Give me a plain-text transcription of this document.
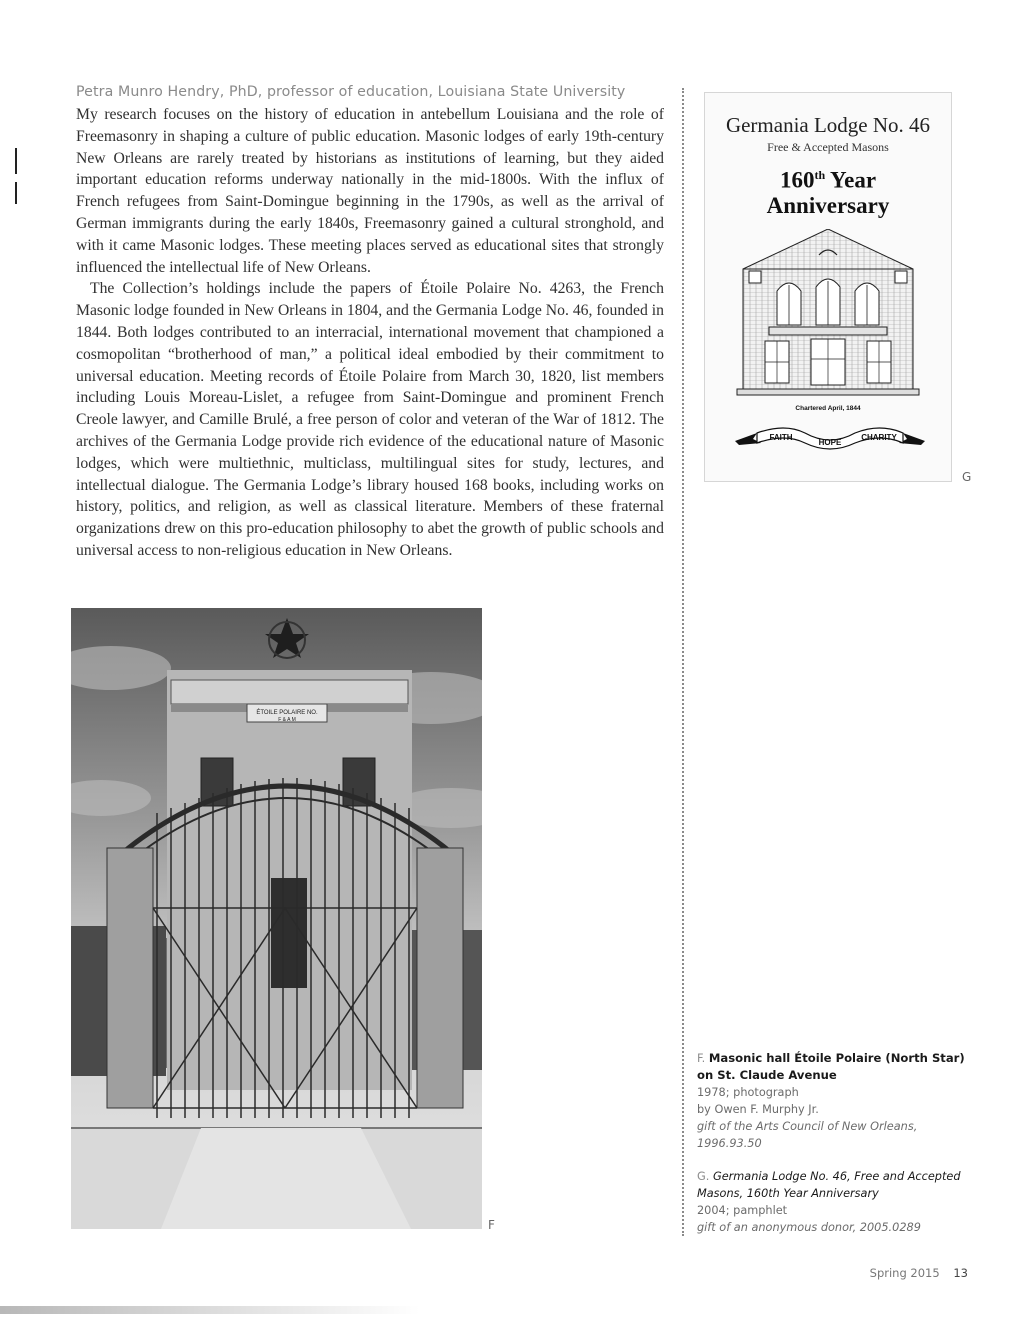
Petra Munro Hendry, PhD, professor of education, Louisiana State University

My research focuses on the history of education in antebellum Louisiana and the role of Freemasonry in shaping a culture of public education. Masonic lodges of early 19th-century New Orleans are rarely treated by historians as institutions of learning, but they aided important education reforms underway nationally in the mid-1800s. With the influx of French refugees from Saint-Domingue beginning in the 1790s, as well as the arrival of German immigrants during the early 1840s, Freemasonry gained a cultural stronghold, and with it came Masonic lodges. These meeting places served as educational sites that strongly influenced the intellectual life of New Orleans.

The Collection’s holdings include the papers of Étoile Polaire No. 4263, the French Masonic lodge founded in New Orleans in 1804, and the Germania Lodge No. 46, founded in 1844. Both lodges contributed to an interracial, international movement that championed a cosmopolitan “brotherhood of man,” a political ideal embodied by their commitment to universal education. Meeting records of Étoile Polaire from March 30, 1820, list members including Louis Moreau-Lislet, a refugee from Saint-Domingue and prominent French Creole lawyer, and Camille Brulé, a free person of color and veteran of the War of 1812. The archives of the Germania Lodge provide rich evidence of the educational nature of Masonic lodges, which were multiethnic, multiclass, multilingual sites for study, lectures, and intellectual dialogue. The Germania Lodge’s library housed 168 books, including works on history, politics, and religion, as well as classical literature. Members of these fraternal organizations drew on this pro-education philosophy to abet the growth of public schools and universal access to non-religious education in New Orleans.

Germania Lodge No. 46
Free & Accepted Masons
160th Year
Anniversary
Chartered April, 1844
FAITH
HOPE
CHARITY
G
ÉTOILE POLAIRE NO.
F & A M
F
F. Masonic hall Étoile Polaire (North Star) on St. Claude Avenue
1978; photograph
by Owen F. Murphy Jr.
gift of the Arts Council of New Orleans, 1996.93.50
G. Germania Lodge No. 46, Free and Accepted Masons, 160th Year Anniversary
2004; pamphlet
gift of an anonymous donor, 2005.0289
Spring 2015 13
